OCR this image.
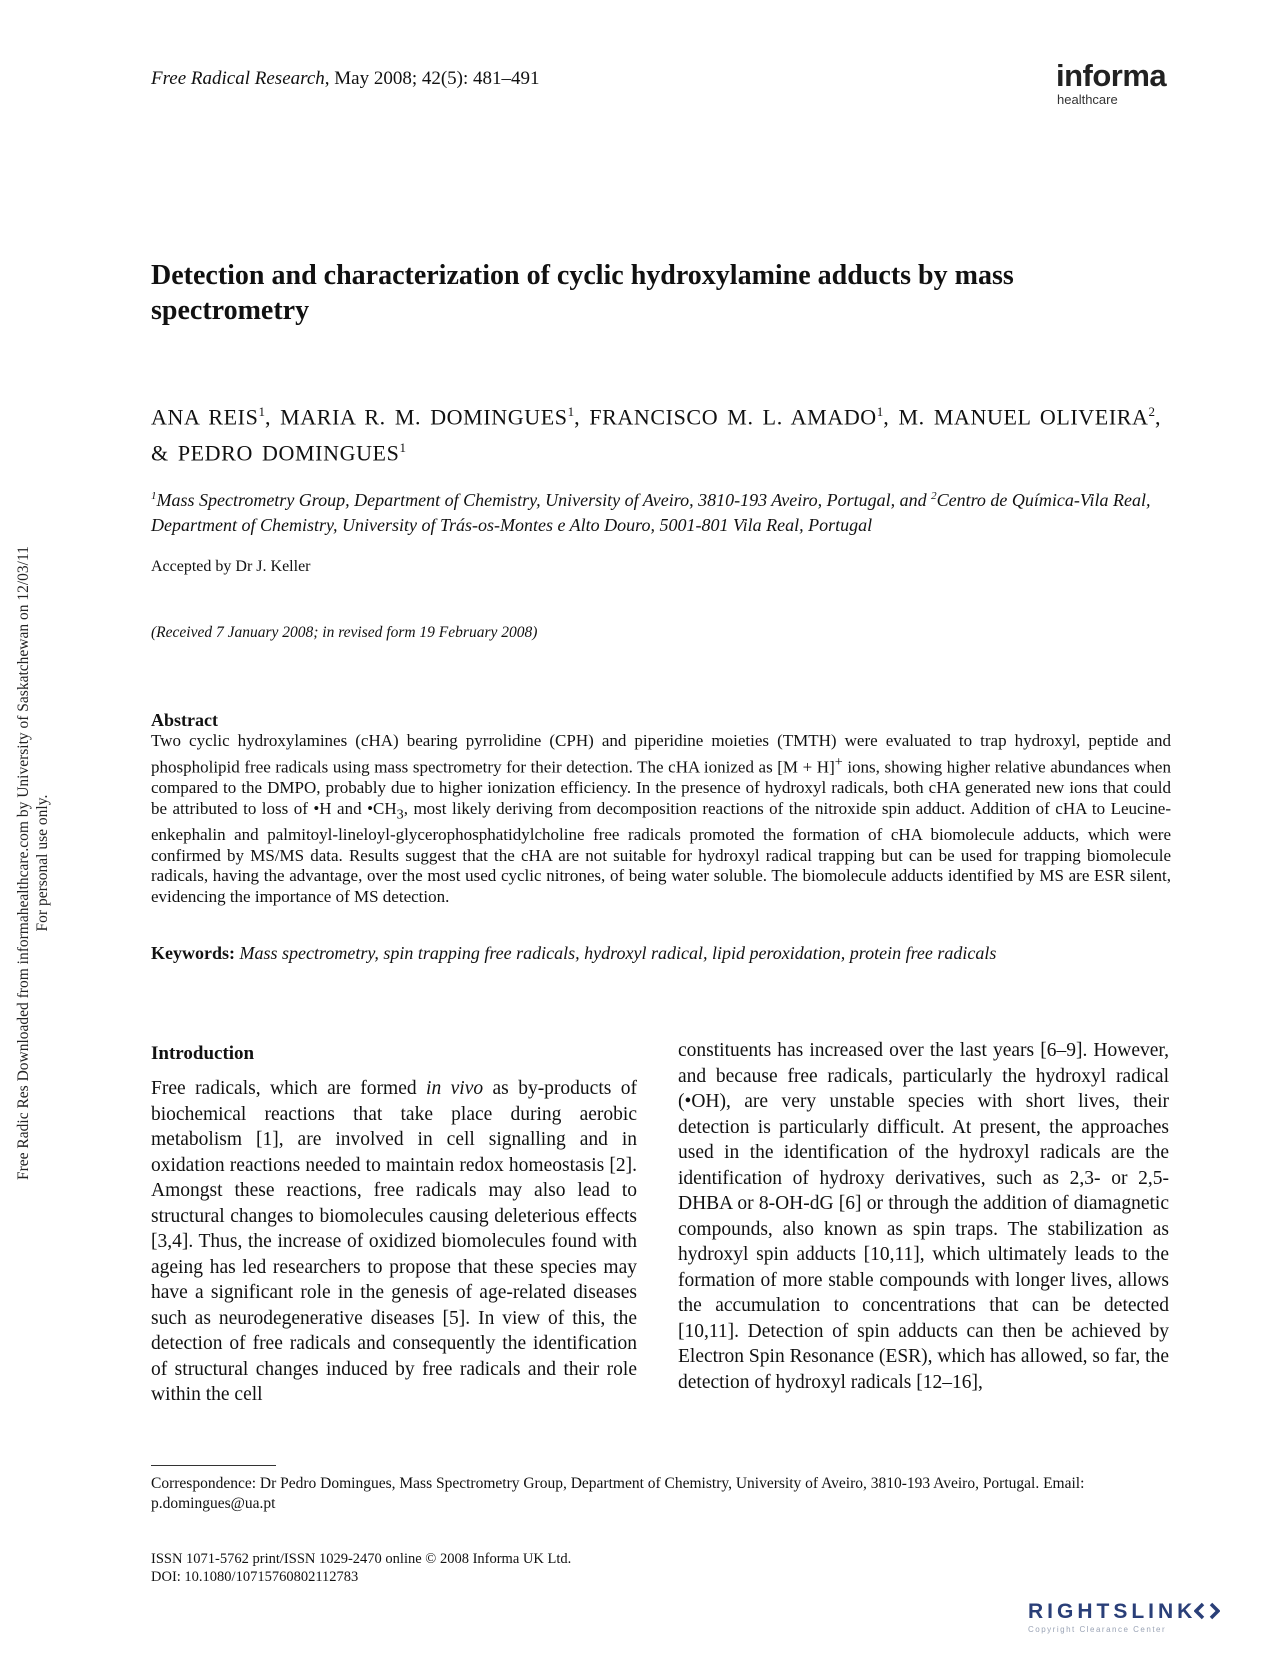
Free Radical Research, May 2008; 42(5): 481–491	informa
healthcare
Detection and characterization of cyclic hydroxylamine adducts by mass spectrometry
ANA REIS$^1$, MARIA R. M. DOMINGUES$^1$, FRANCISCO M. L. AMADO$^1$, M. MANUEL OLIVEIRA$^2$, & PEDRO DOMINGUES$^1$
$^1$Mass Spectrometry Group, Department of Chemistry, University of Aveiro, 3810-193 Aveiro, Portugal, and $^2$Centro de Química-Vila Real, Department of Chemistry, University of Trás-os-Montes e Alto Douro, 5001-801 Vila Real, Portugal
Accepted by Dr J. Keller
(Received 7 January 2008; in revised form 19 February 2008)
Abstract

Two cyclic hydroxylamines (cHA) bearing pyrrolidine (CPH) and piperidine moieties (TMTH) were evaluated to trap hydroxyl, peptide and phospholipid free radicals using mass spectrometry for their detection. The cHA ionized as [M + H]+ ions, showing higher relative abundances when compared to the DMPO, probably due to higher ionization efficiency. In the presence of hydroxyl radicals, both cHA generated new ions that could be attributed to loss of •H and $•CH_3$, most likely deriving from decomposition reactions of the nitroxide spin adduct. Addition of cHA to Leucine-enkephalin and palmitoyl-lineloyl-glycerophosphatidylcholine free radicals promoted the formation of cHA biomolecule adducts, which were confirmed by MS/MS data. Results suggest that the cHA are not suitable for hydroxyl radical trapping but can be used for trapping biomolecule radicals, having the advantage, over the most used cyclic nitrones, of being water soluble. The biomolecule adducts identified by MS are ESR silent, evidencing the importance of MS detection.

Keywords: Mass spectrometry, spin trapping free radicals, hydroxyl radical, lipid peroxidation, protein free radicals
Introduction

Free radicals, which are formed in vivo as by-products of biochemical reactions that take place during aerobic metabolism [1], are involved in cell signalling and in oxidation reactions needed to maintain redox homeostasis [2]. Amongst these reactions, free radicals may also lead to structural changes to biomolecules causing deleterious effects [3,4]. Thus, the increase of oxidized biomolecules found with ageing has led researchers to propose that these species may have a significant role in the genesis of age-related diseases such as neurodegenerative diseases [5]. In view of this, the detection of free radicals and consequently the identification of structural changes induced by free radicals and their role within the cell

constituents has increased over the last years [6–9]. However, and because free radicals, particularly the hydroxyl radical (•OH), are very unstable species with short lives, their detection is particularly difficult. At present, the approaches used in the identification of the hydroxyl radicals are the identification of hydroxy derivatives, such as 2,3- or 2,5-DHBA or 8-OH-dG [6] or through the addition of diamagnetic compounds, also known as spin traps. The stabilization as hydroxyl spin adducts [10,11], which ultimately leads to the formation of more stable compounds with longer lives, allows the accumulation to concentrations that can be detected [10,11]. Detection of spin adducts can then be achieved by Electron Spin Resonance (ESR), which has allowed, so far, the detection of hydroxyl radicals [12–16],

Correspondence: Dr Pedro Domingues, Mass Spectrometry Group, Department of Chemistry, University of Aveiro, 3810-193 Aveiro, Portugal. Email: p.domingues@ua.pt
ISSN 1071-5762 print/ISSN 1029-2470 online © 2008 Informa UK Ltd.
DOI: 10.1080/10715760802112783
Free Radic Res Downloaded from informahealthcare.com by University of Saskatchewan on 12/03/11 For personal use only.
RIGHTSLINK
Copyright Clearance Center
